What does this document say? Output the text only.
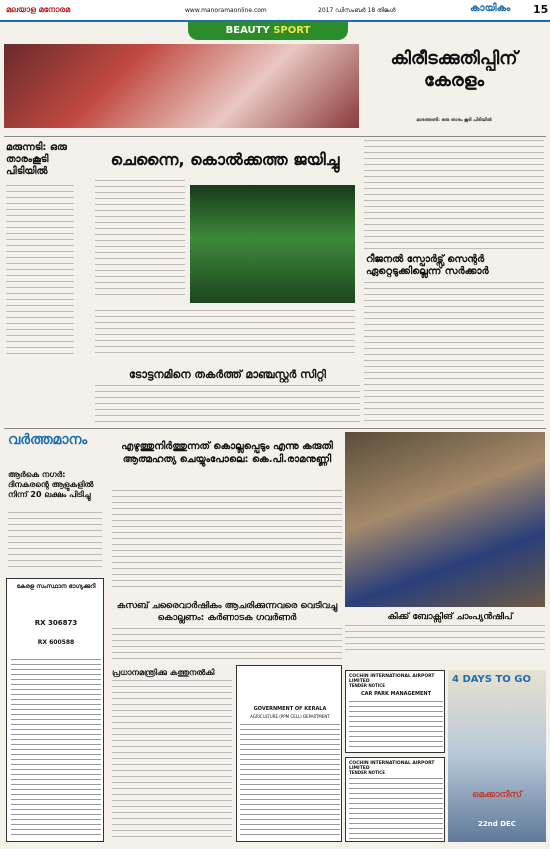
മലയാള മനോരമ	www.manoramaonline.com	2017 ഡിസംബർ 18 തിങ്കൾ	കായികം 15
BEAUTY SPORT
കിരീടക്കുതിപ്പിന് കേരളം
മാരത്തൺ: ഒരു താരം കൂടി പിടിയിൽ
മരുന്നടി: ഒരു താരംകൂടി പിടിയിൽ
ചെന്നൈ, കൊൽക്കത്ത ജയിച്ചു
റീജനൽ സ്പോർട്സ് സെന്റർ ഏറ്റെടുക്കില്ലെന്ന് സർക്കാർ
ടോട്ടനമിനെ തകർത്ത് മാഞ്ചസ്റ്റർ സിറ്റി
വർത്തമാനം
ആർകെ നഗർ: ദിനകരന്റെ ആളുകളിൽ നിന്ന് 20 ലക്ഷം പിടിച്ചു
കേരള സംസ്ഥാന ഭാഗ്യക്കുറി
RX 306873
RX 600588
എഴുത്തുനിർത്തുന്നത് കൊല്ലപ്പെടും എന്നു കരുതി ആത്മഹത്യ ചെയ്യുംപോലെ: കെ.പി.രാമനുണ്ണി
കിക്ക് ബോക്സിങ് ചാംപ്യൻഷിപ്
കസബ് ചരൈവാർഷികം ആചരിക്കുന്നവരെ വെടിവച്ചു കൊല്ലണം: കർണാടക ഗവർണർ
പ്രധാനമന്ത്രിക്കു കത്തുനൽകി
GOVERNMENT OF KERALA
AGRICULTURE (PPM CELL) DEPARTMENT
COCHIN INTERNATIONAL AIRPORT LIMITED
TENDER NOTICE
CAR PARK MANAGEMENT
COCHIN INTERNATIONAL AIRPORT LIMITED
TENDER NOTICE
4 DAYS TO GO
മെക്കാനിസ്
22nd DEC
